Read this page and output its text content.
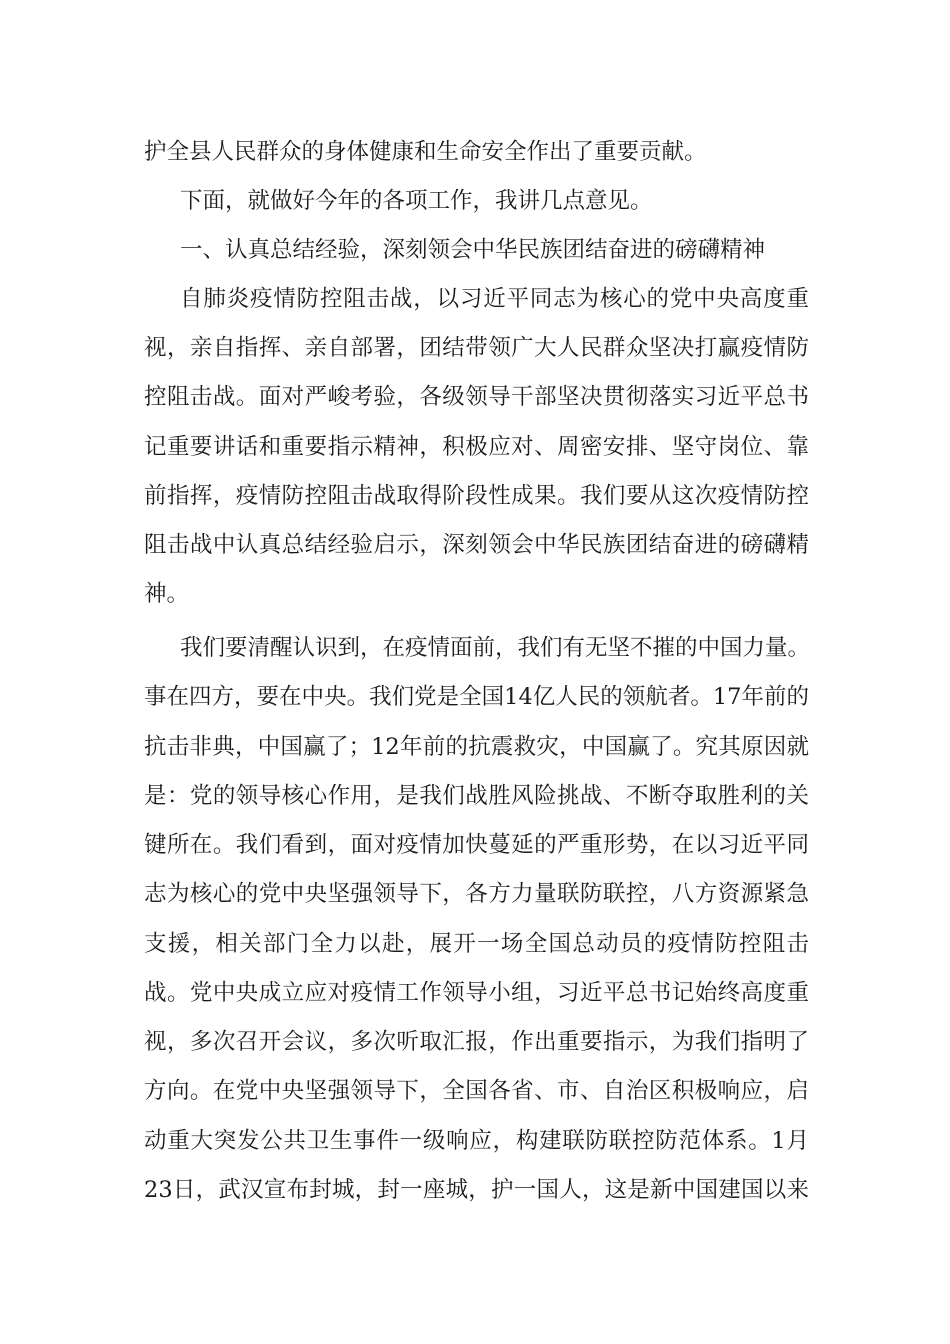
护全县人民群众的身体健康和生命安全作出了重要贡献。
下面，就做好今年的各项工作，我讲几点意见。
一、认真总结经验，深刻领会中华民族团结奋进的磅礴精神
自肺炎疫情防控阻击战，以习近平同志为核心的党中央高度重
视，亲自指挥、亲自部署，团结带领广大人民群众坚决打赢疫情防
控阻击战。面对严峻考验，各级领导干部坚决贯彻落实习近平总书
记重要讲话和重要指示精神，积极应对、周密安排、坚守岗位、靠
前指挥，疫情防控阻击战取得阶段性成果。我们要从这次疫情防控
阻击战中认真总结经验启示，深刻领会中华民族团结奋进的磅礴精
神。
我们要清醒认识到，在疫情面前，我们有无坚不摧的中国力量。
事在四方，要在中央。我们党是全国14亿人民的领航者。17年前的
抗击非典，中国赢了；12年前的抗震救灾，中国赢了。究其原因就
是：党的领导核心作用，是我们战胜风险挑战、不断夺取胜利的关
键所在。我们看到，面对疫情加快蔓延的严重形势，在以习近平同
志为核心的党中央坚强领导下，各方力量联防联控，八方资源紧急
支援，相关部门全力以赴，展开一场全国总动员的疫情防控阻击
战。党中央成立应对疫情工作领导小组，习近平总书记始终高度重
视，多次召开会议，多次听取汇报，作出重要指示，为我们指明了
方向。在党中央坚强领导下，全国各省、市、自治区积极响应，启
动重大突发公共卫生事件一级响应，构建联防联控防范体系。1月
23日，武汉宣布封城，封一座城，护一国人，这是新中国建国以来
